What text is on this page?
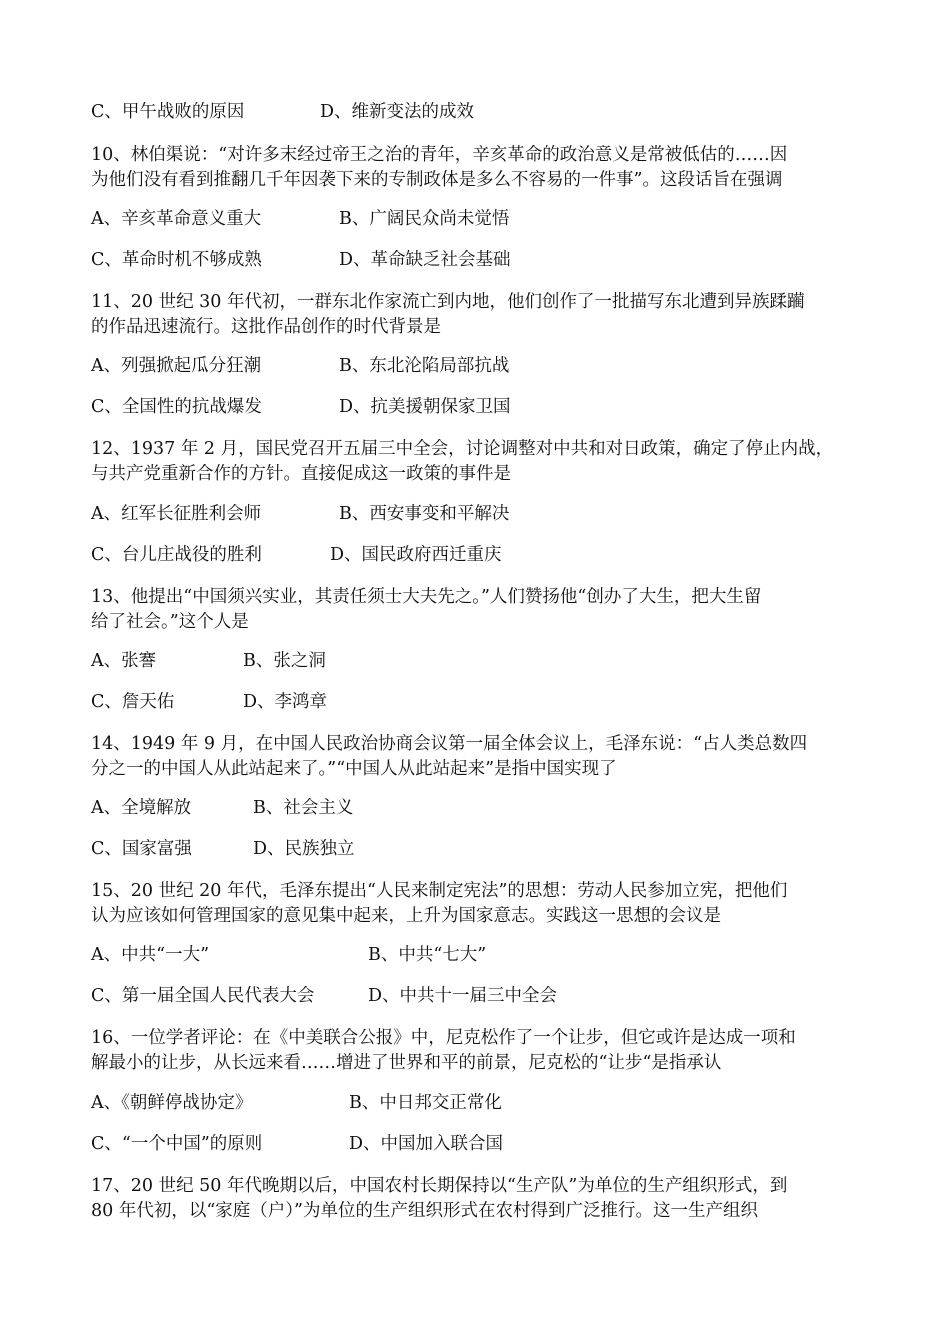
C、甲午战败的原因	D、维新变法的成效
10、林伯渠说：“对许多末经过帝王之治的青年，辛亥革命的政治意义是常被低估的……因
为他们没有看到推翻几千年因袭下来的专制政体是多么不容易的一件事”。这段话旨在强调
A、辛亥革命意义重大	B、广阔民众尚未觉悟
C、革命时机不够成熟	D、革命缺乏社会基础
11、20 世纪 30 年代初，一群东北作家流亡到内地，他们创作了一批描写东北遭到异族蹂躏
的作品迅速流行。这批作品创作的时代背景是
A、列强掀起瓜分狂潮	B、东北沦陷局部抗战
C、全国性的抗战爆发	D、抗美援朝保家卫国
12、1937 年 2 月，国民党召开五届三中全会，讨论调整对中共和对日政策，确定了停止内战，
与共产党重新合作的方针。直接促成这一政策的事件是
A、红军长征胜利会师	B、西安事变和平解决
C、台儿庄战役的胜利	D、国民政府西迁重庆
13、他提出“中国须兴实业，其责任须士大夫先之。”人们赞扬他“创办了大生，把大生留
给了社会。”这个人是
A、张謇	B、张之洞
C、詹天佑	D、李鸿章
14、1949 年 9 月，在中国人民政治协商会议第一届全体会议上，毛泽东说：“占人类总数四
分之一的中国人从此站起来了。”“中国人从此站起来”是指中国实现了
A、全境解放	B、社会主义
C、国家富强	D、民族独立
15、20 世纪 20 年代，毛泽东提出“人民来制定宪法”的思想：劳动人民参加立宪，把他们
认为应该如何管理国家的意见集中起来，上升为国家意志。实践这一思想的会议是
A、中共“一大”	B、中共“七大”
C、第一届全国人民代表大会	D、中共十一届三中全会
16、一位学者评论：在《中美联合公报》中，尼克松作了一个让步，但它或许是达成一项和
解最小的让步，从长远来看……增进了世界和平的前景，尼克松的“让步“是指承认
A、《朝鲜停战协定》	B、中日邦交正常化
C、“一个中国”的原则	D、中国加入联合国
17、20 世纪 50 年代晚期以后，中国农村长期保持以“生产队”为单位的生产组织形式，到
80 年代初，以“家庭（户）”为单位的生产组织形式在农村得到广泛推行。这一生产组织
